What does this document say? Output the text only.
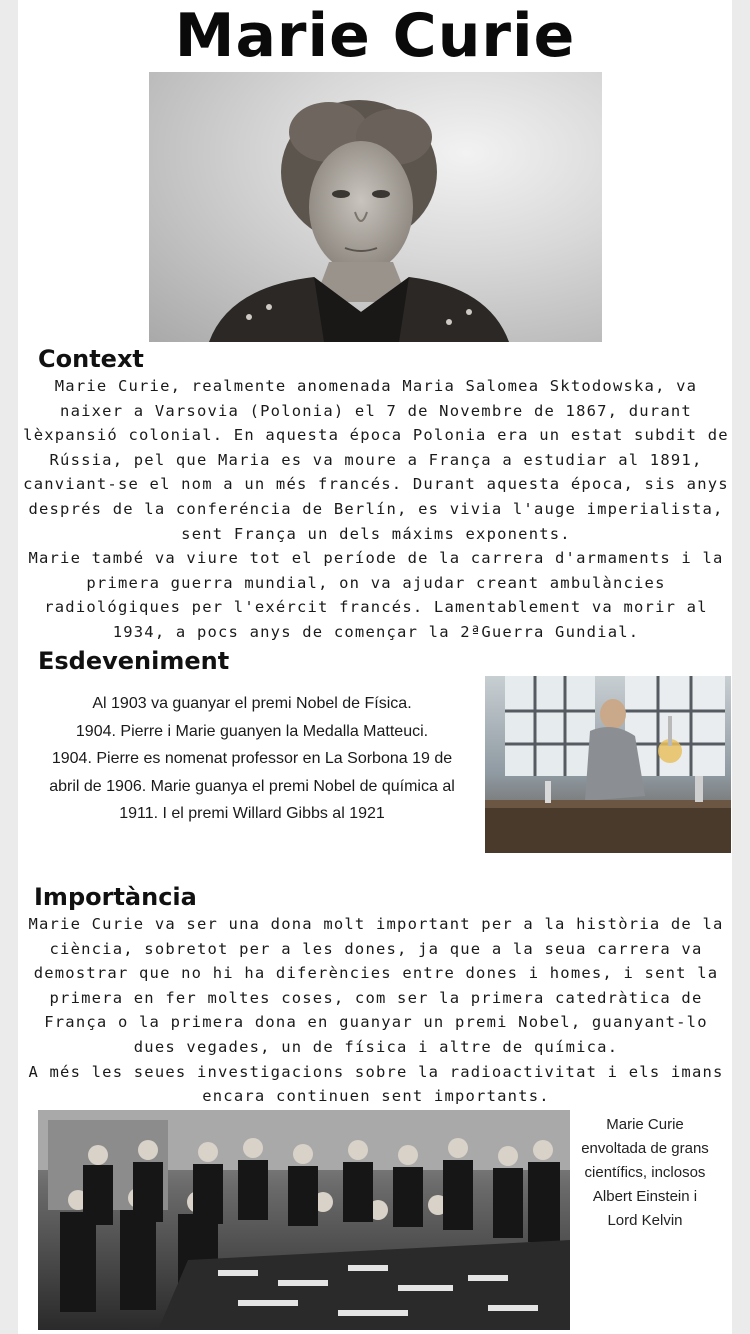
Marie Curie
Context

Marie Curie, realmente anomenada Maria Salomea Sktodowska, va naixer a Varsovia (Polonia) el 7 de Novembre de 1867, durant lèxpansió colonial. En aquesta época Polonia era un estat subdit de Rússia, pel que Maria es va moure a França a estudiar al 1891, canviant-se el nom a un més francés. Durant aquesta época, sis anys després de la conferéncia de Berlín, es vivia l'auge imperialista, sent França un dels máxims exponents.

Marie també va viure tot el període de la carrera d'armaments i la primera guerra mundial, on va ajudar creant ambulàncies radiológiques per l'exércit francés. Lamentablement va morir al 1934, a pocs anys de començar la 2ªGuerra Gundial.

Esdeveniment
Al 1903 va guanyar el premi Nobel de Física.
1904. Pierre i Marie guanyen la Medalla Matteuci.
1904. Pierre es nomenat professor en La Sorbona 19 de
abril de 1906. Marie guanya el premi Nobel de química al
1911. I el premi Willard Gibbs al 1921
Importància

Marie Curie va ser una dona molt important per a la història de la ciència, sobretot per a les dones, ja que a la seua carrera va demostrar que no hi ha diferències entre dones i homes, i sent la primera en fer moltes coses, com ser la primera catedràtica de França o la primera dona en guanyar un premi Nobel, guanyant-lo dues vegades, un de física i altre de química.

A més les seues investigacions sobre la radioactivitat i els imans encara continuen sent importants.

Marie Curie
envoltada de grans
científics, inclosos
Albert Einstein i
Lord Kelvin
